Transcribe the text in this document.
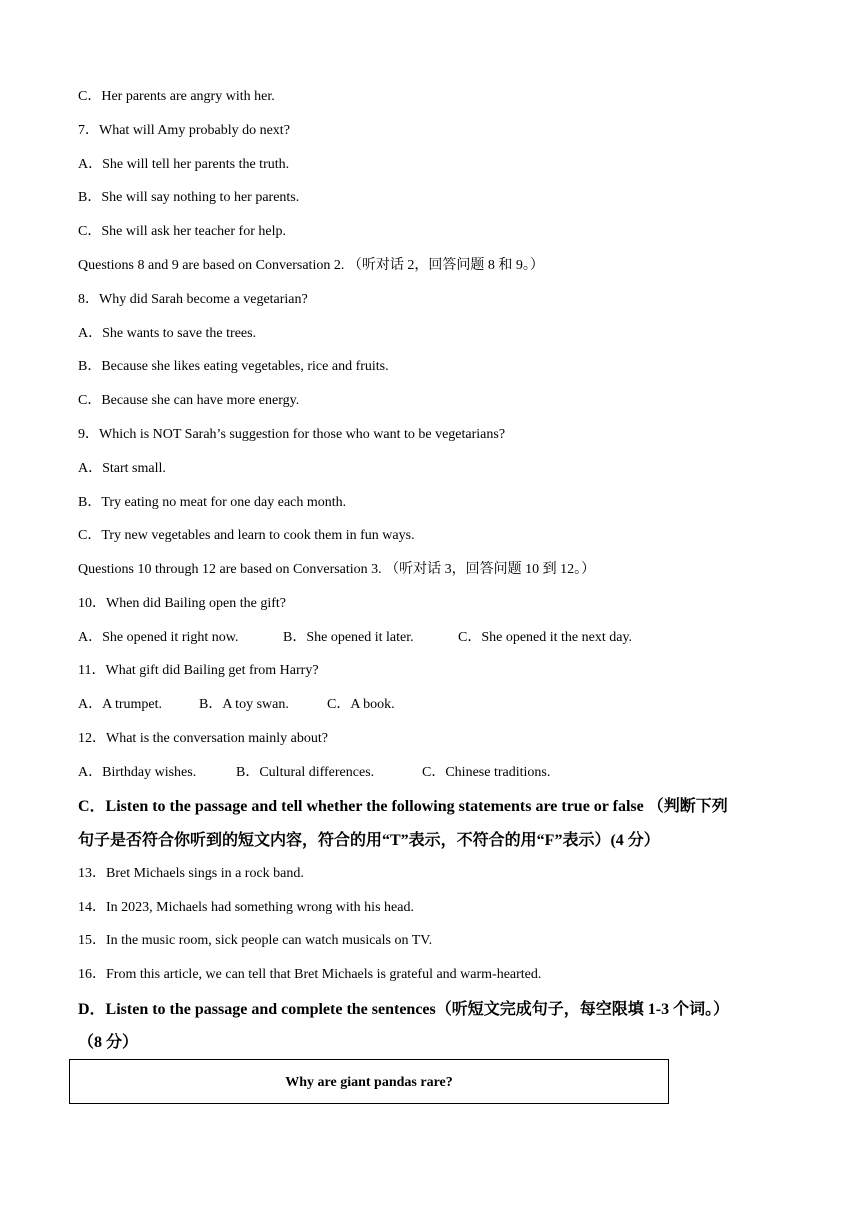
C．Her parents are angry with her.
7．What will Amy probably do next?
A．She will tell her parents the truth.
B．She will say nothing to her parents.
C．She will ask her teacher for help.
Questions 8 and 9 are based on Conversation 2. （听对话 2，回答问题 8 和 9。）
8．Why did Sarah become a vegetarian?
A．She wants to save the trees.
B．Because she likes eating vegetables, rice and fruits.
C．Because she can have more energy.
9．Which is NOT Sarah’s suggestion for those who want to be vegetarians?
A．Start small.
B．Try eating no meat for one day each month.
C．Try new vegetables and learn to cook them in fun ways.
Questions 10 through 12 are based on Conversation 3. （听对话 3，回答问题 10 到 12。）
10．When did Bailing open the gift?
A．She opened it right now.	B．She opened it later.	C．She opened it the next day.
11．What gift did Bailing get from Harry?
A．A trumpet.	B．A toy swan.	C．A book.
12．What is the conversation mainly about?
A．Birthday wishes.	B．Cultural differences.	C．Chinese traditions.
C．Listen to the passage and tell whether the following statements are true or false （判断下列
句子是否符合你听到的短文内容，符合的用“T”表示，不符合的用“F”表示）(4 分）
13．Bret Michaels sings in a rock band.
14．In 2023, Michaels had something wrong with his head.
15．In the music room, sick people can watch musicals on TV.
16．From this article, we can tell that Bret Michaels is grateful and warm-hearted.
D．Listen to the passage and complete the sentences（听短文完成句子，每空限填 1-3 个词。）
（8 分）
Why are giant pandas rare?
